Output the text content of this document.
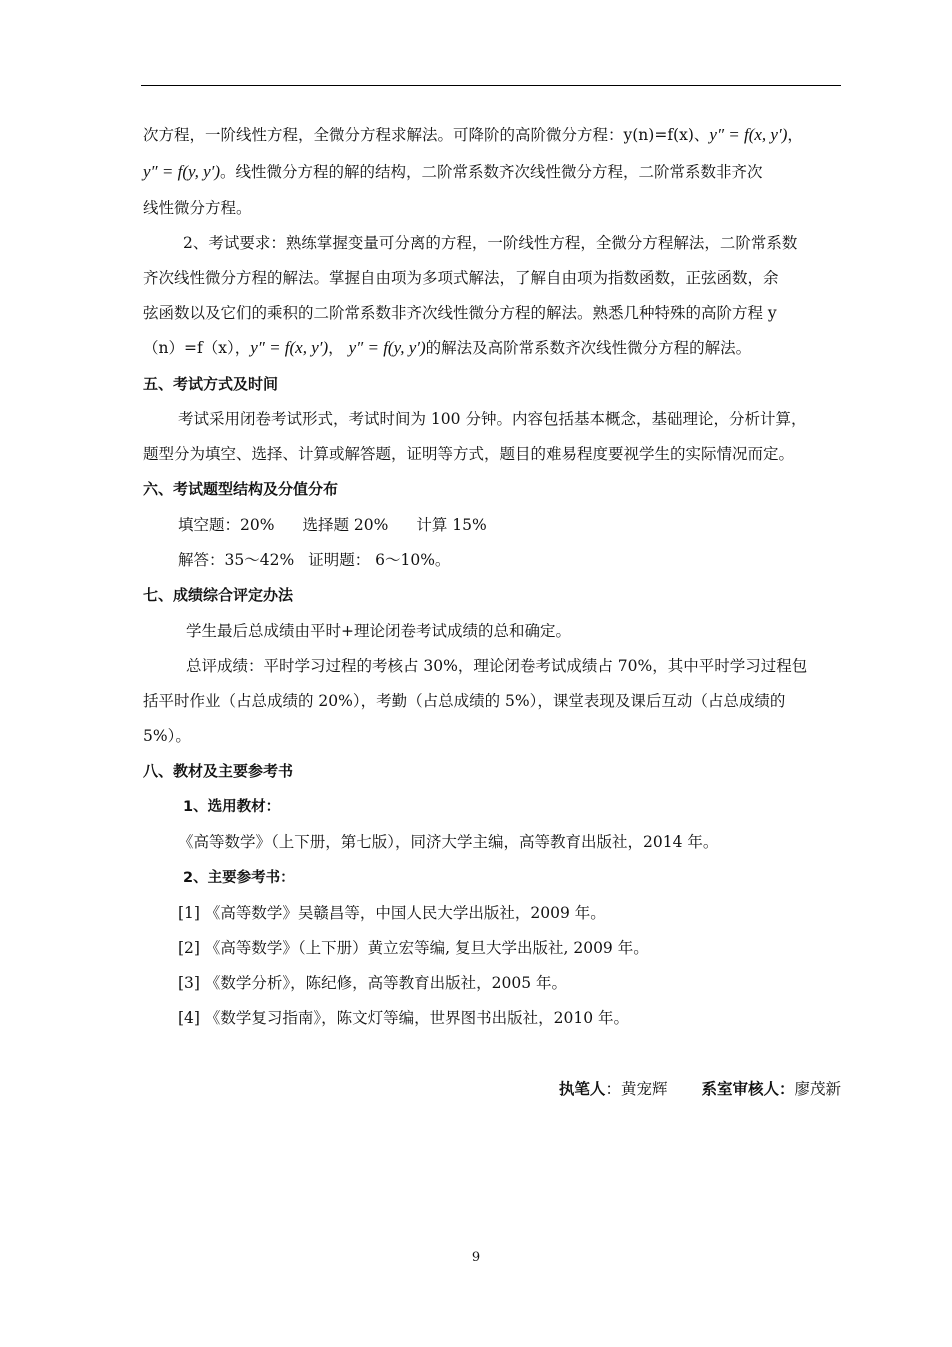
次方程，一阶线性方程，全微分方程求解法。可降阶的高阶微分方程：y(n)=f(x)、y″ = f(x, y′)，
y″ = f(y, y′)。线性微分方程的解的结构，二阶常系数齐次线性微分方程，二阶常系数非齐次
线性微分方程。
2、考试要求：熟练掌握变量可分离的方程，一阶线性方程，全微分方程解法，二阶常系数
齐次线性微分方程的解法。掌握自由项为多项式解法，了解自由项为指数函数，正弦函数，余
弦函数以及它们的乘积的二阶常系数非齐次线性微分方程的解法。熟悉几种特殊的高阶方程 y
（n）=f（x），y″ = f(x, y′)， y″ = f(y, y′)的解法及高阶常系数齐次线性微分方程的解法。
五、考试方式及时间
考试采用闭卷考试形式，考试时间为 100 分钟。内容包括基本概念，基础理论，分析计算，
题型分为填空、选择、计算或解答题，证明等方式，题目的难易程度要视学生的实际情况而定。
六、考试题型结构及分值分布
填空题：20% 选择题 20% 计算 15%
解答：35～42% 证明题： 6～10%。
七、成绩综合评定办法
学生最后总成绩由平时+理论闭卷考试成绩的总和确定。
总评成绩：平时学习过程的考核占 30%，理论闭卷考试成绩占 70%，其中平时学习过程包
括平时作业（占总成绩的 20%），考勤（占总成绩的 5%），课堂表现及课后互动（占总成绩的
5%）。
八、教材及主要参考书
1、选用教材：
《高等数学》（上下册，第七版），同济大学主编，高等教育出版社，2014 年。
2、主要参考书：
[1] 《高等数学》吴赣昌等，中国人民大学出版社，2009 年。
[2] 《高等数学》（上下册）黄立宏等编, 复旦大学出版社, 2009 年。
[3] 《数学分析》，陈纪修，高等教育出版社，2005 年。
[4] 《数学复习指南》，陈文灯等编，世界图书出版社，2010 年。
执笔人：黄宠辉 系室审核人：廖茂新
9
